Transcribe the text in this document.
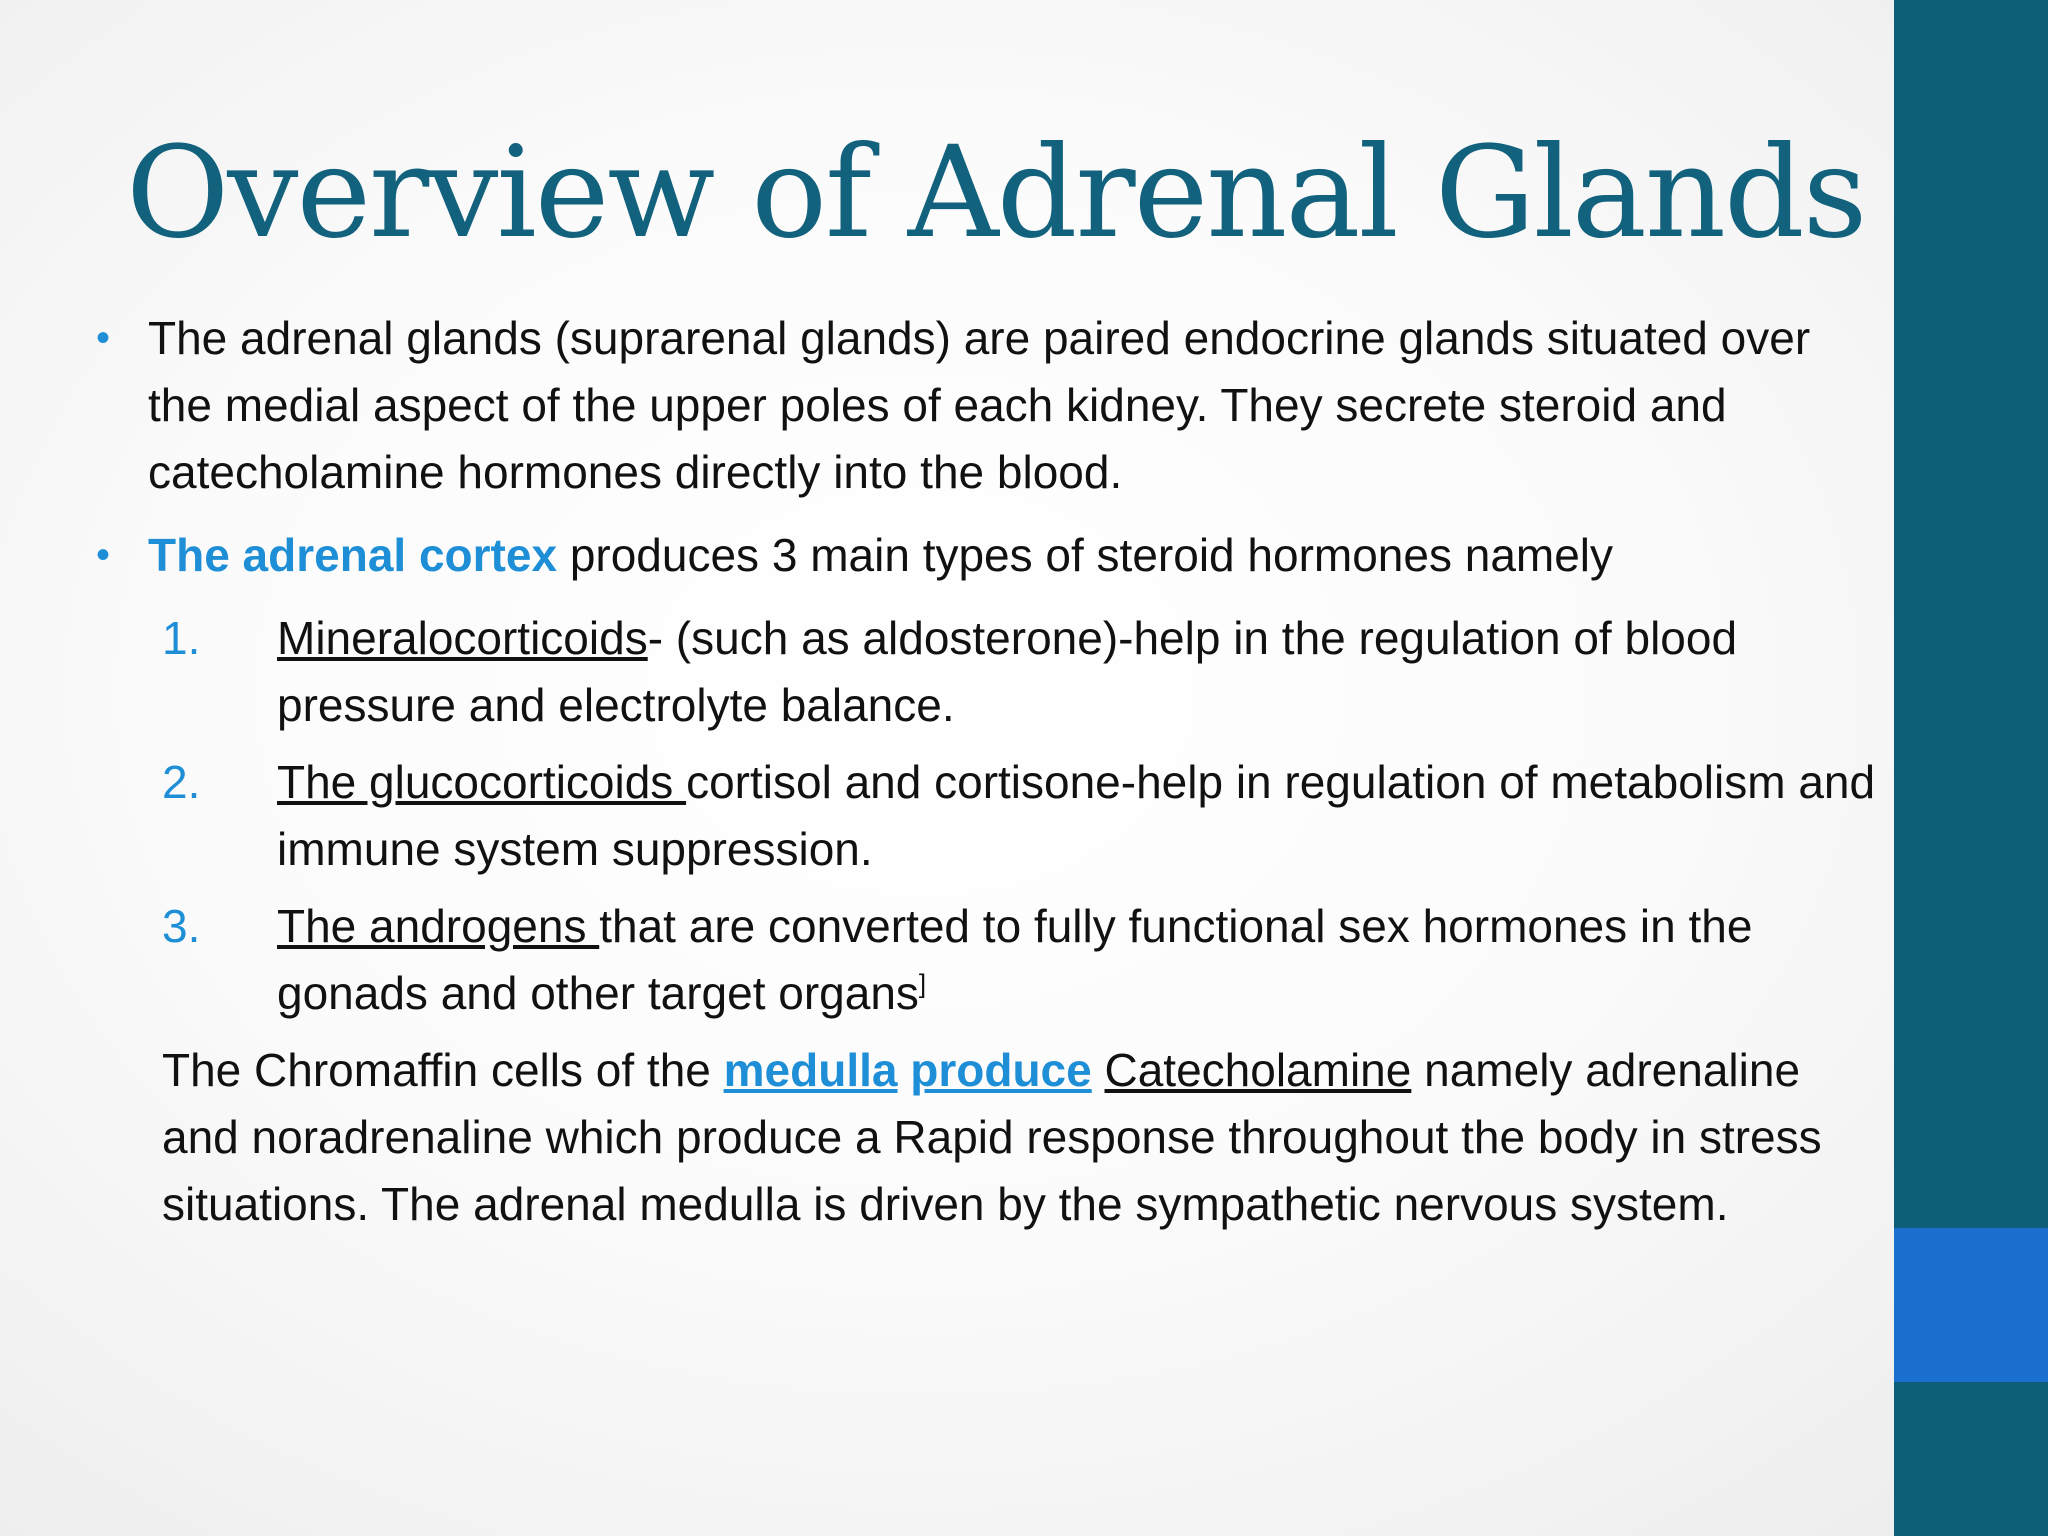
Overview of Adrenal Glands
• The adrenal glands (suprarenal glands) are paired endocrine glands situated over the medial aspect of the upper poles of each kidney. They secrete steroid and catecholamine hormones directly into the blood.
• The adrenal cortex produces 3 main types of steroid hormones namely
1. Mineralocorticoids- (such as aldosterone)-help in the regulation of blood pressure and electrolyte balance.
2. The glucocorticoids cortisol and cortisone-help in regulation of metabolism and immune system suppression.
3. The androgens that are converted to fully functional sex hormones in the gonads and other target organs]
The Chromaffin cells of the medulla produce Catecholamine namely adrenaline and noradrenaline which produce a Rapid response throughout the body in stress situations. The adrenal medulla is driven by the sympathetic nervous system.
